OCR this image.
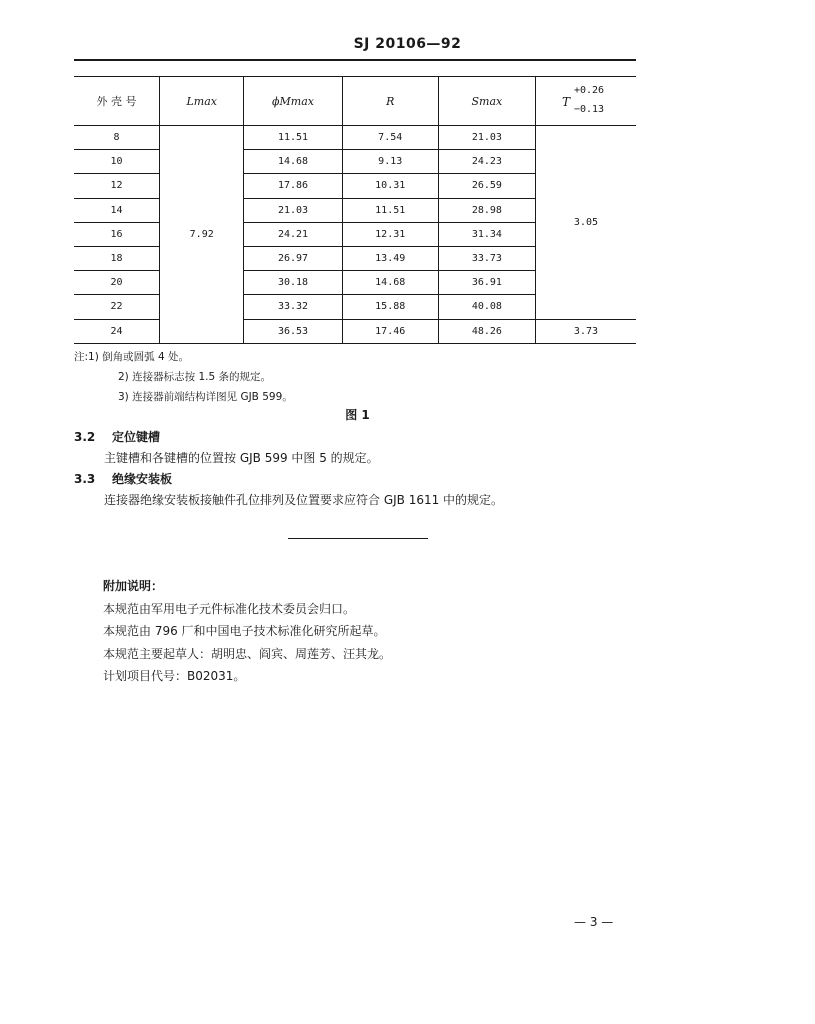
SJ 20106—92
外 壳 号	Lmax	ϕMmax	R	Smax	T
+0.26
−0.13

8	7.92	11.51	7.54	21.03	3.05
10		14.68	9.13	24.23	
12		17.86	10.31	26.59	
14		21.03	11.51	28.98	
16		24.21	12.31	31.34	
18		26.97	13.49	33.73	
20		30.18	14.68	36.91	
22		33.32	15.88	40.08	
24		36.53	17.46	48.26	3.73
注:1) 倒角或圆弧 4 处。
2) 连接器标志按 1.5 条的规定。
3) 连接器前端结构详图见 GJB 599。
图 1
3.2 定位键槽
主键槽和各键槽的位置按 GJB 599 中图 5 的规定。
3.3 绝缘安装板
连接器绝缘安装板接触件孔位排列及位置要求应符合 GJB 1611 中的规定。
附加说明：
本规范由军用电子元件标准化技术委员会归口。
本规范由 796 厂和中国电子技术标准化研究所起草。
本规范主要起草人：胡明忠、阎宾、周莲芳、汪其龙。
计划项目代号：B02031。
— 3 —
